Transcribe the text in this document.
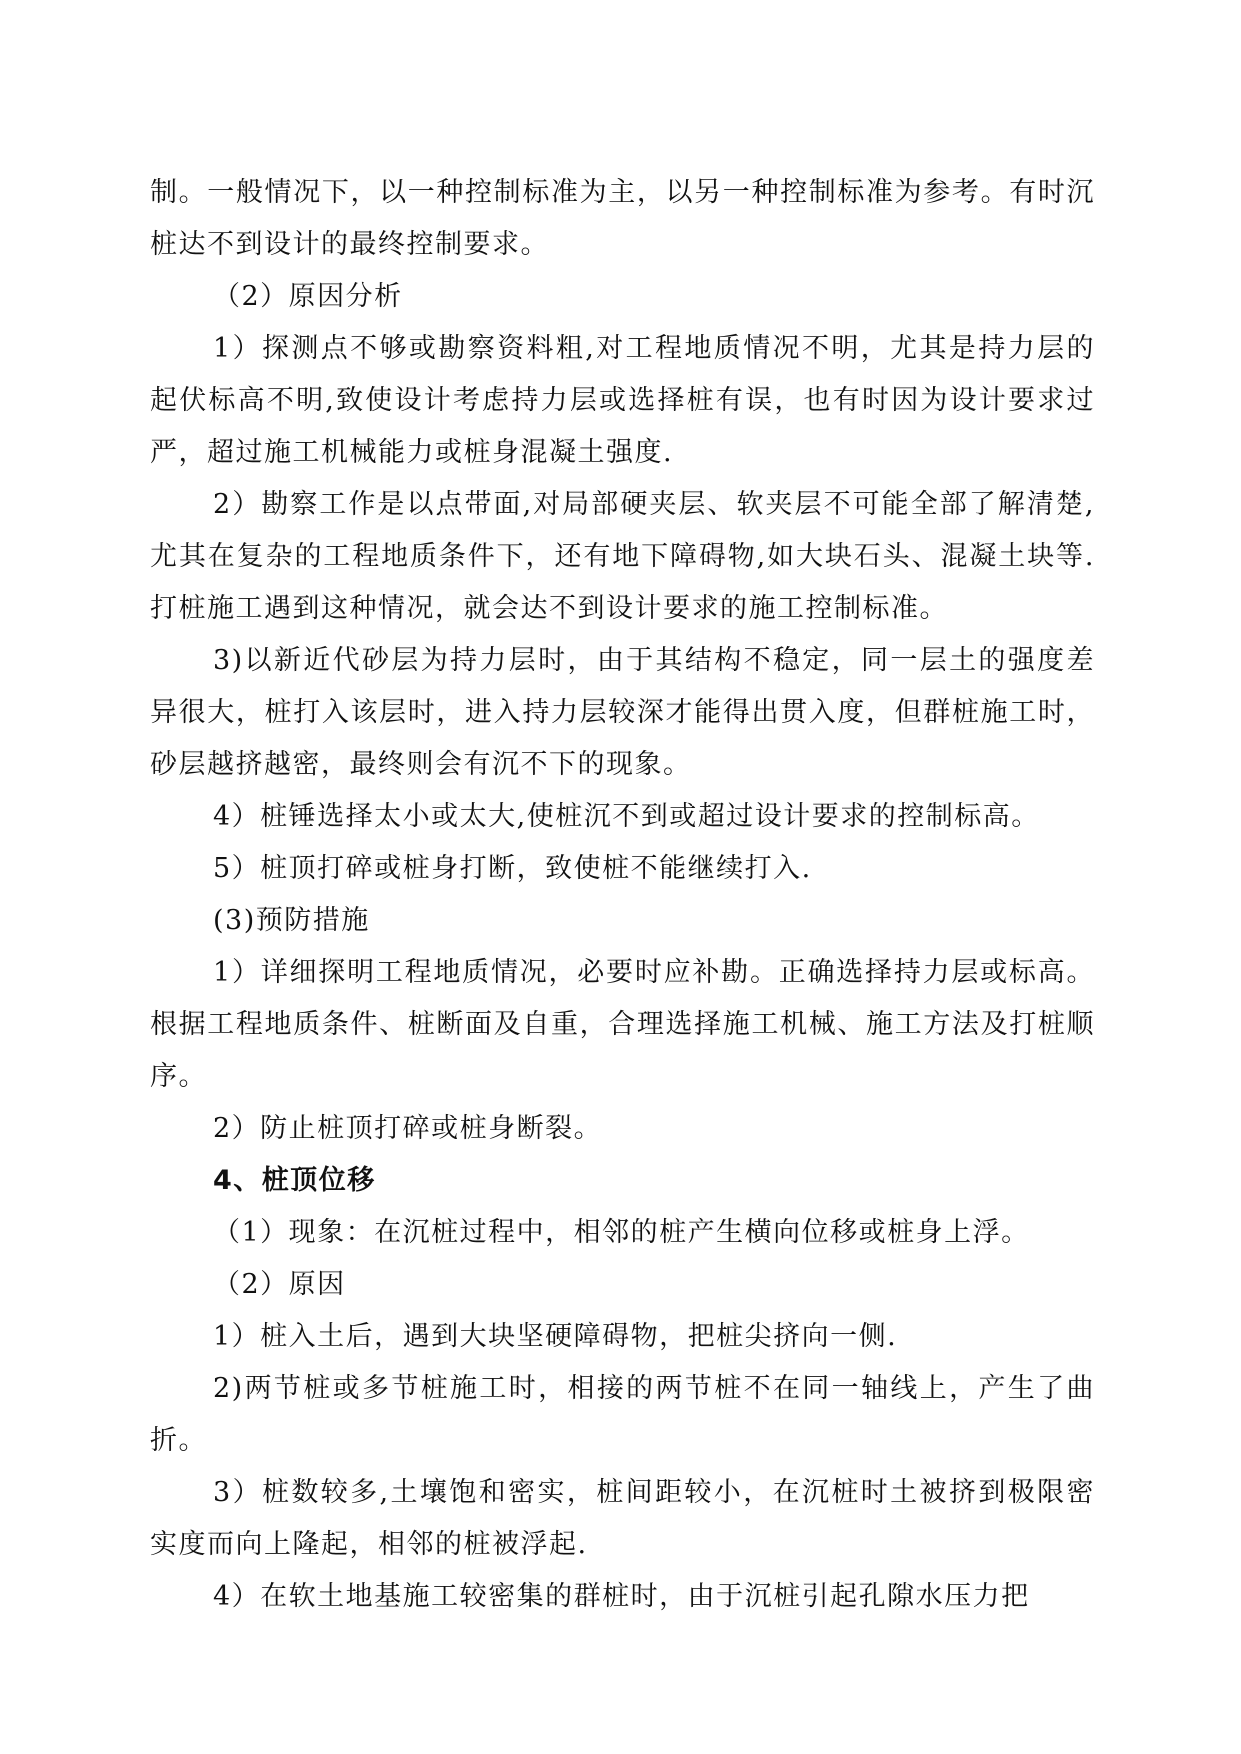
制。一般情况下，以一种控制标准为主，以另一种控制标准为参考。有时沉桩达不到设计的最终控制要求。

（2）原因分析

1）探测点不够或勘察资料粗,对工程地质情况不明，尤其是持力层的起伏标高不明,致使设计考虑持力层或选择桩有误，也有时因为设计要求过严，超过施工机械能力或桩身混凝土强度.

2）勘察工作是以点带面,对局部硬夹层、软夹层不可能全部了解清楚,尤其在复杂的工程地质条件下，还有地下障碍物,如大块石头、混凝土块等.打桩施工遇到这种情况，就会达不到设计要求的施工控制标准。

3)以新近代砂层为持力层时，由于其结构不稳定，同一层土的强度差异很大，桩打入该层时，进入持力层较深才能得出贯入度，但群桩施工时，砂层越挤越密，最终则会有沉不下的现象。

4）桩锤选择太小或太大,使桩沉不到或超过设计要求的控制标高。

5）桩顶打碎或桩身打断，致使桩不能继续打入.

(3)预防措施

1）详细探明工程地质情况，必要时应补勘。正确选择持力层或标高。根据工程地质条件、桩断面及自重，合理选择施工机械、施工方法及打桩顺序。

2）防止桩顶打碎或桩身断裂。

4、桩顶位移

（1）现象：在沉桩过程中，相邻的桩产生横向位移或桩身上浮。

（2）原因

1）桩入土后，遇到大块坚硬障碍物，把桩尖挤向一侧.

2)两节桩或多节桩施工时，相接的两节桩不在同一轴线上，产生了曲折。

3）桩数较多,土壤饱和密实，桩间距较小，在沉桩时土被挤到极限密实度而向上隆起，相邻的桩被浮起.

4）在软土地基施工较密集的群桩时，由于沉桩引起孔隙水压力把
